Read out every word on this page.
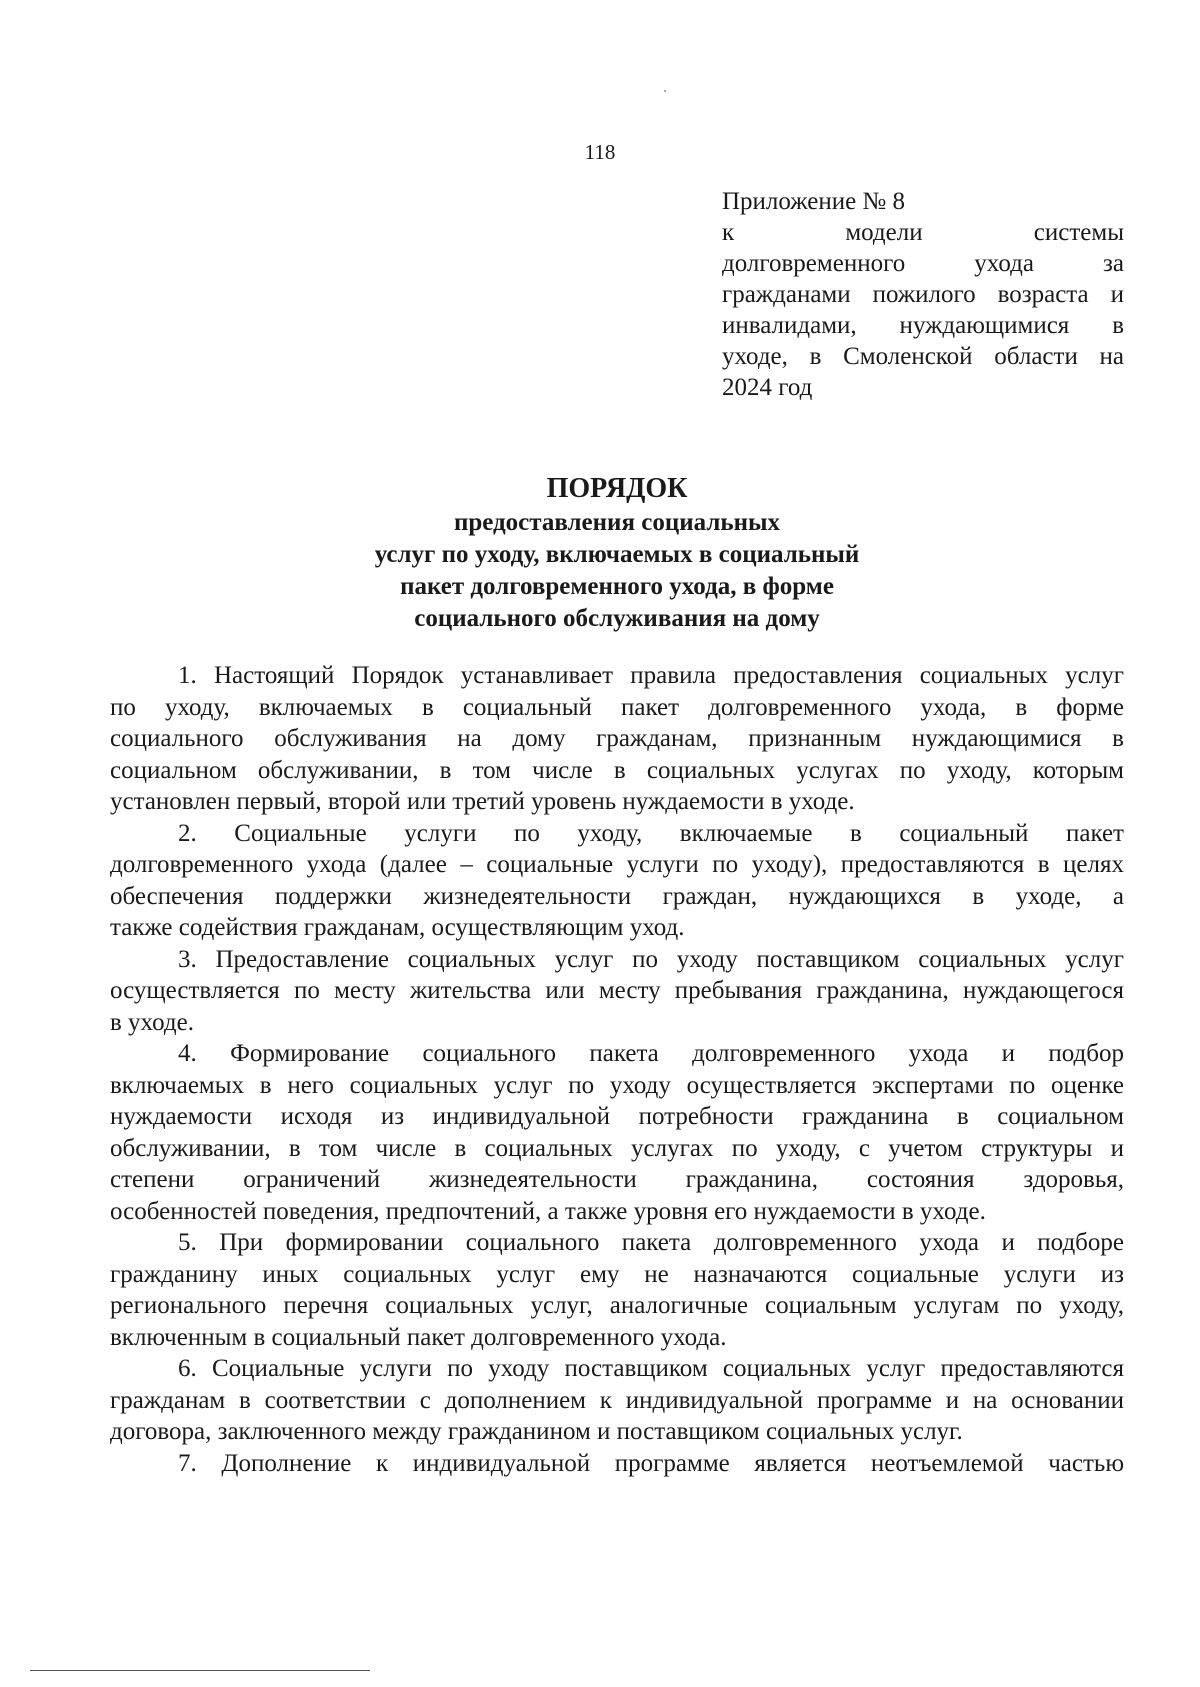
118
Приложение № 8
к модели системы
долговременного ухода за
гражданами пожилого возраста и
инвалидами, нуждающимися в
уходе, в Смоленской области на
2024 год
ПОРЯДОК
предоставления социальных
услуг по уходу, включаемых в социальный
пакет долговременного ухода, в форме
социального обслуживания на дому
1. Настоящий Порядок устанавливает правила предоставления социальных услуг
по уходу, включаемых в социальный пакет долговременного ухода, в форме
социального обслуживания на дому гражданам, признанным нуждающимися в
социальном обслуживании, в том числе в социальных услугах по уходу, которым
установлен первый, второй или третий уровень нуждаемости в уходе.
2. Социальные услуги по уходу, включаемые в социальный пакет
долговременного ухода (далее – социальные услуги по уходу), предоставляются в целях
обеспечения поддержки жизнедеятельности граждан, нуждающихся в уходе, а
также содействия гражданам, осуществляющим уход.
3. Предоставление социальных услуг по уходу поставщиком социальных услуг
осуществляется по месту жительства или месту пребывания гражданина, нуждающегося
в уходе.
4. Формирование социального пакета долговременного ухода и подбор
включаемых в него социальных услуг по уходу осуществляется экспертами по оценке
нуждаемости исходя из индивидуальной потребности гражданина в социальном
обслуживании, в том числе в социальных услугах по уходу, с учетом структуры и
степени ограничений жизнедеятельности гражданина, состояния здоровья,
особенностей поведения, предпочтений, а также уровня его нуждаемости в уходе.
5. При формировании социального пакета долговременного ухода и подборе
гражданину иных социальных услуг ему не назначаются социальные услуги из
регионального перечня социальных услуг, аналогичные социальным услугам по уходу,
включенным в социальный пакет долговременного ухода.
6. Социальные услуги по уходу поставщиком социальных услуг предоставляются
гражданам в соответствии с дополнением к индивидуальной программе и на основании
договора, заключенного между гражданином и поставщиком социальных услуг.
7. Дополнение к индивидуальной программе является неотъемлемой частью
